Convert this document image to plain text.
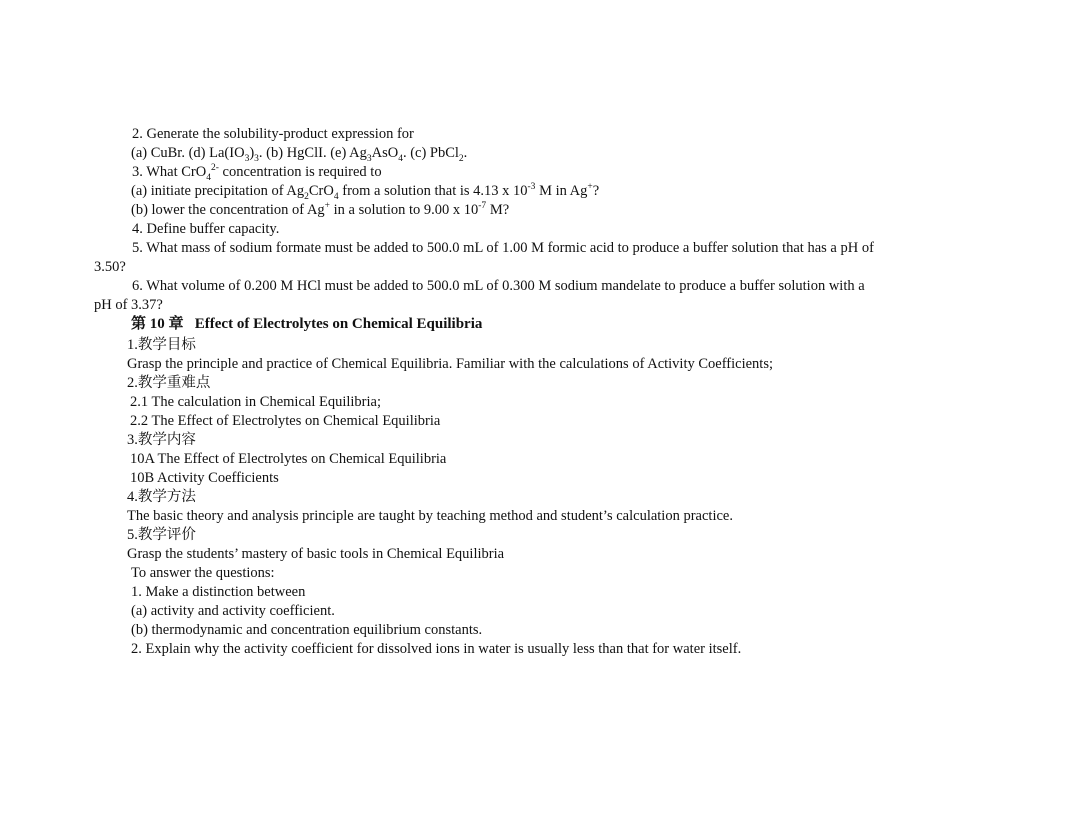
2. Generate the solubility-product expression for
(a) CuBr. (d) $La(IO_3)_3$. (b) HgClI. (e) $Ag_3AsO_4$. (c) PbCl$_2$.
3. What CrO$_4^{2-}$ concentration is required to
(a) initiate precipitation of $Ag_2CrO_4$ from a solution that is 4.13 x $10^{-3}$ M in Ag+?
(b) lower the concentration of Ag+ in a solution to 9.00 x $10^{-7}$ M?
4. Define buffer capacity.
5. What mass of sodium formate must be added to 500.0 mL of 1.00 M formic acid to produce a buffer solution that has a pH of
3.50?
6. What volume of 0.200 M HCl must be added to 500.0 mL of 0.300 M sodium mandelate to produce a buffer solution with a
pH of 3.37?
第 10 章 Effect of Electrolytes on Chemical Equilibria
1.教学目标
Grasp the principle and practice of Chemical Equilibria. Familiar with the calculations of Activity Coefficients;
2.教学重难点
2.1 The calculation in Chemical Equilibria;
2.2 The Effect of Electrolytes on Chemical Equilibria
3.教学内容
10A The Effect of Electrolytes on Chemical Equilibria
10B Activity Coefficients
4.教学方法
The basic theory and analysis principle are taught by teaching method and student’s calculation practice.
5.教学评价
Grasp the students’ mastery of basic tools in Chemical Equilibria
To answer the questions:
1. Make a distinction between
(a) activity and activity coefficient.
(b) thermodynamic and concentration equilibrium constants.
2. Explain why the activity coefficient for dissolved ions in water is usually less than that for water itself.
